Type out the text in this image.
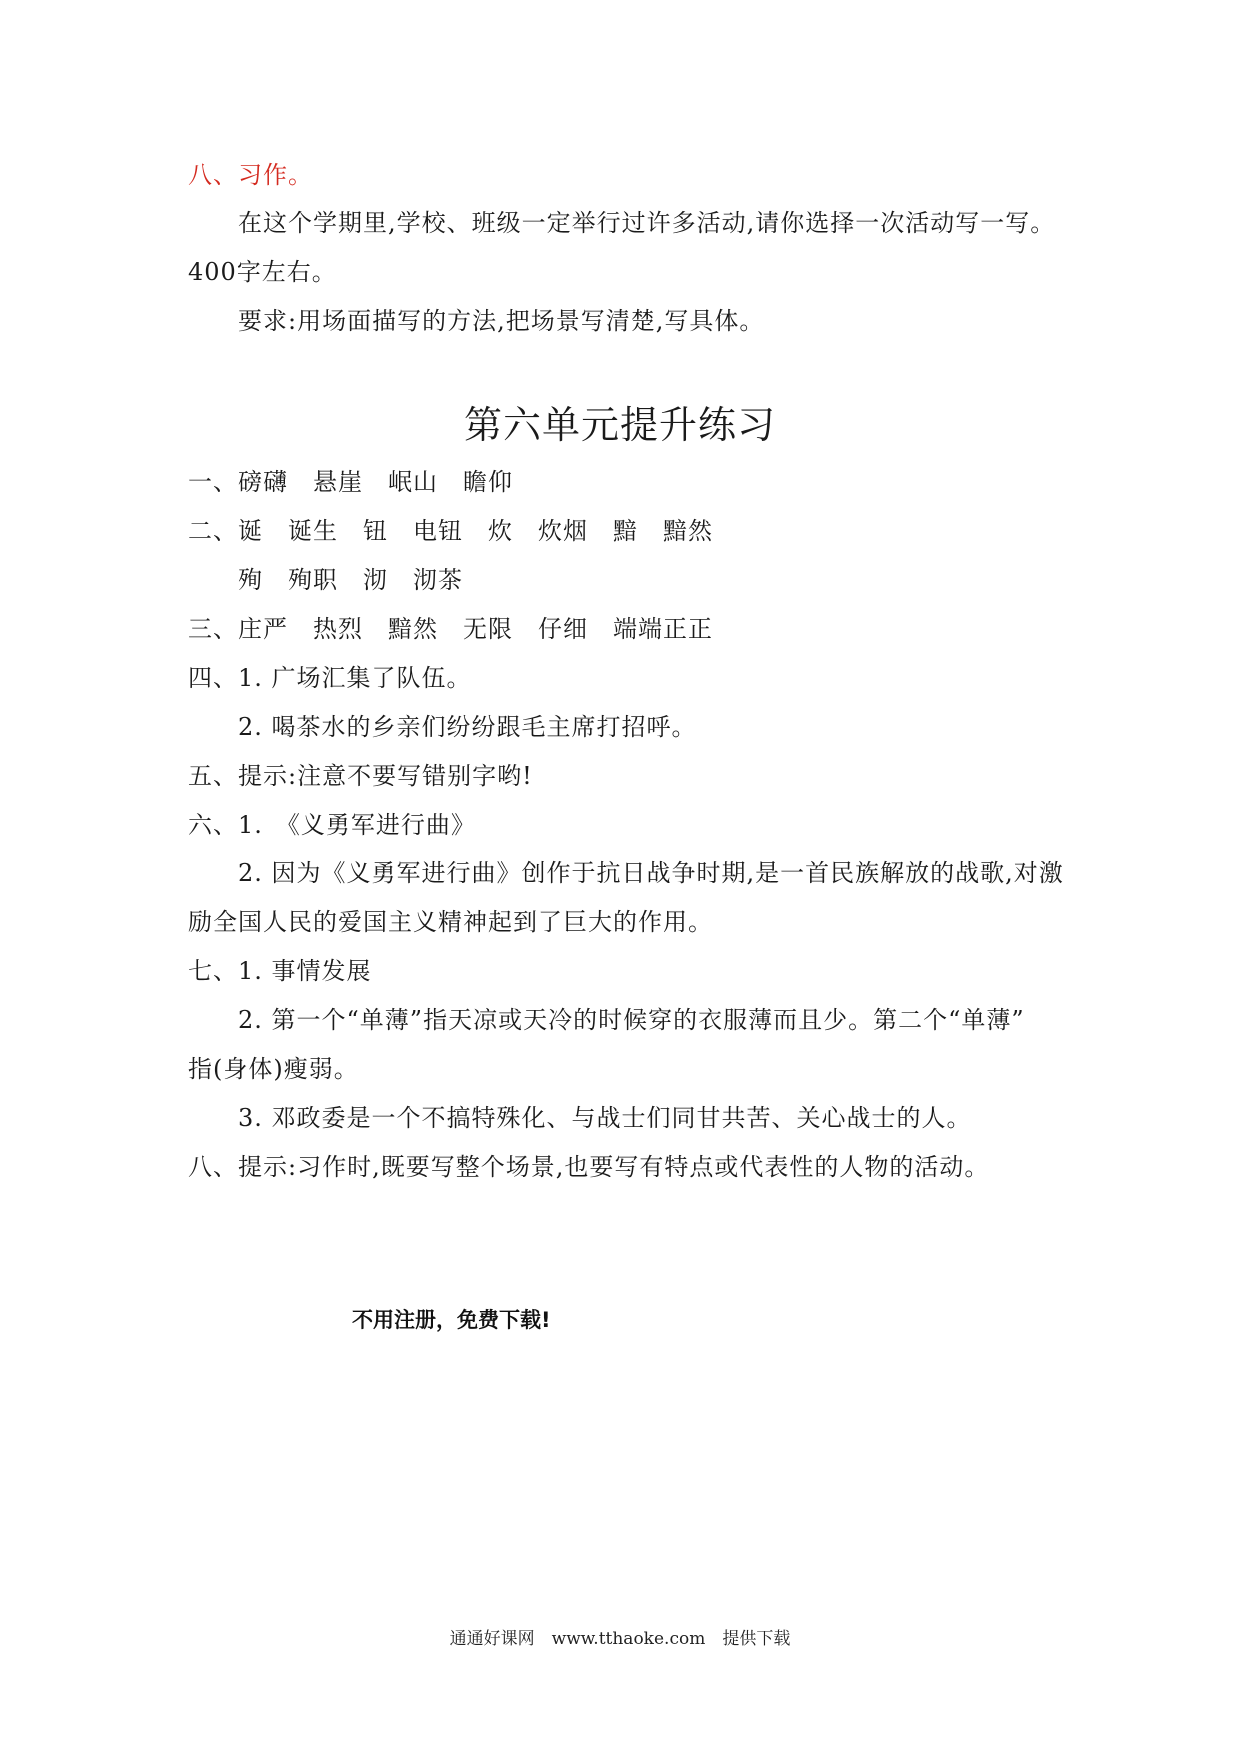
八、习作。
在这个学期里,学校、班级一定举行过许多活动,请你选择一次活动写一写。
400字左右。
要求:用场面描写的方法,把场景写清楚,写具体。
第六单元提升练习
一、磅礴　悬崖　岷山　瞻仰
二、诞　诞生　钮　电钮　炊　炊烟　黯　黯然
殉　殉职　沏　沏茶
三、庄严　热烈　黯然　无限　仔细　端端正正
四、1. 广场汇集了队伍。
2. 喝茶水的乡亲们纷纷跟毛主席打招呼。
五、提示:注意不要写错别字哟!
六、1.　《义勇军进行曲》
2. 因为《义勇军进行曲》创作于抗日战争时期,是一首民族解放的战歌,对激
励全国人民的爱国主义精神起到了巨大的作用。
七、1. 事情发展
2. 第一个“单薄”指天凉或天冷的时候穿的衣服薄而且少。第二个“单薄”
指(身体)瘦弱。
3. 邓政委是一个不搞特殊化、与战士们同甘共苦、关心战士的人。
八、提示:习作时,既要写整个场景,也要写有特点或代表性的人物的活动。
不用注册，免费下载!
通通好课网　www.tthaoke.com　提供下载
